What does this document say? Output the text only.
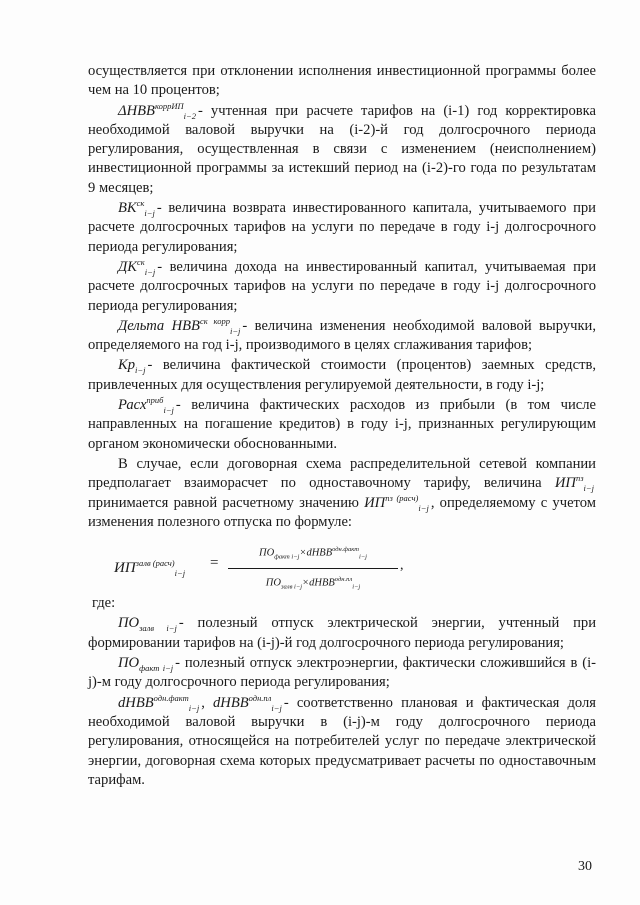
осуществляется при отклонении исполнения инвестиционной программы более чем на 10 процентов;

$\Delta НВВ^{коррИП}_{i-2}$ - учтенная при расчете тарифов на (i-1) год корректировка необходимой валовой выручки на (i-2)-й год долгосрочного периода регулирования, осуществленная в связи с изменением (неисполнением) инвестиционной программы за истекший период на (i-2)-го года по результатам 9 месяцев;

$ВК^{ск}_{i-j}$ - величина возврата инвестированного капитала, учитываемого при расчете долгосрочных тарифов на услуги по передаче в году i-j долгосрочного периода регулирования;

$ДК^{ск}_{i-j}$ - величина дохода на инвестированный капитал, учитываемая при расчете долгосрочных тарифов на услуги по передаче в году i-j долгосрочного периода регулирования;

Дельта $НВВ^{ск корр}_{i-j}$ - величина изменения необходимой валовой выручки, определяемого на год i-j, производимого в целях сглаживания тарифов;

$Кр_{i-j}$ - величина фактической стоимости (процентов) заемных средств, привлеченных для осуществления регулируемой деятельности, в году i-j;

Расх$^{приб}_{i-j}$ - величина фактических расходов из прибыли (в том числе направленных на погашение кредитов) в году i-j, признанных регулирующим органом экономически обоснованными.

В случае, если договорная схема распределительной сетевой компании предполагает взаиморасчет по одноставочному тарифу, величина $ИП^{пз}_{i-j}$ принимается равной расчетному значению $ИП^{пз (расч)}_{i-j}$ , определяемому с учетом изменения полезного отпуска по формуле:

$ИП^{залв (расч)}_{i-j}$
=
$ПО_{факт i-j}\times dНВВ^{одн.факт}_{i-j}$
$ПО_{залв i-j}\times dНВВ^{одн.пл}_{i-j}$
,

где:

$ПО_{залв i-j}$ - полезный отпуск электрической энергии, учтенный при формировании тарифов на (i-j)-й год долгосрочного периода регулирования;

$ПО_{факт i-j}$ - полезный отпуск электроэнергии, фактически сложившийся в (i-j)-м году долгосрочного периода регулирования;

dНВВ$^{одн.факт}_{i-j}$ , dНВВ$^{одн.пл}_{i-j}$ - соответственно плановая и фактическая доля необходимой валовой выручки в (i-j)-м году долгосрочного периода регулирования, относящейся на потребителей услуг по передаче электрической энергии, договорная схема которых предусматривает расчеты по одноставочным тарифам.

30
